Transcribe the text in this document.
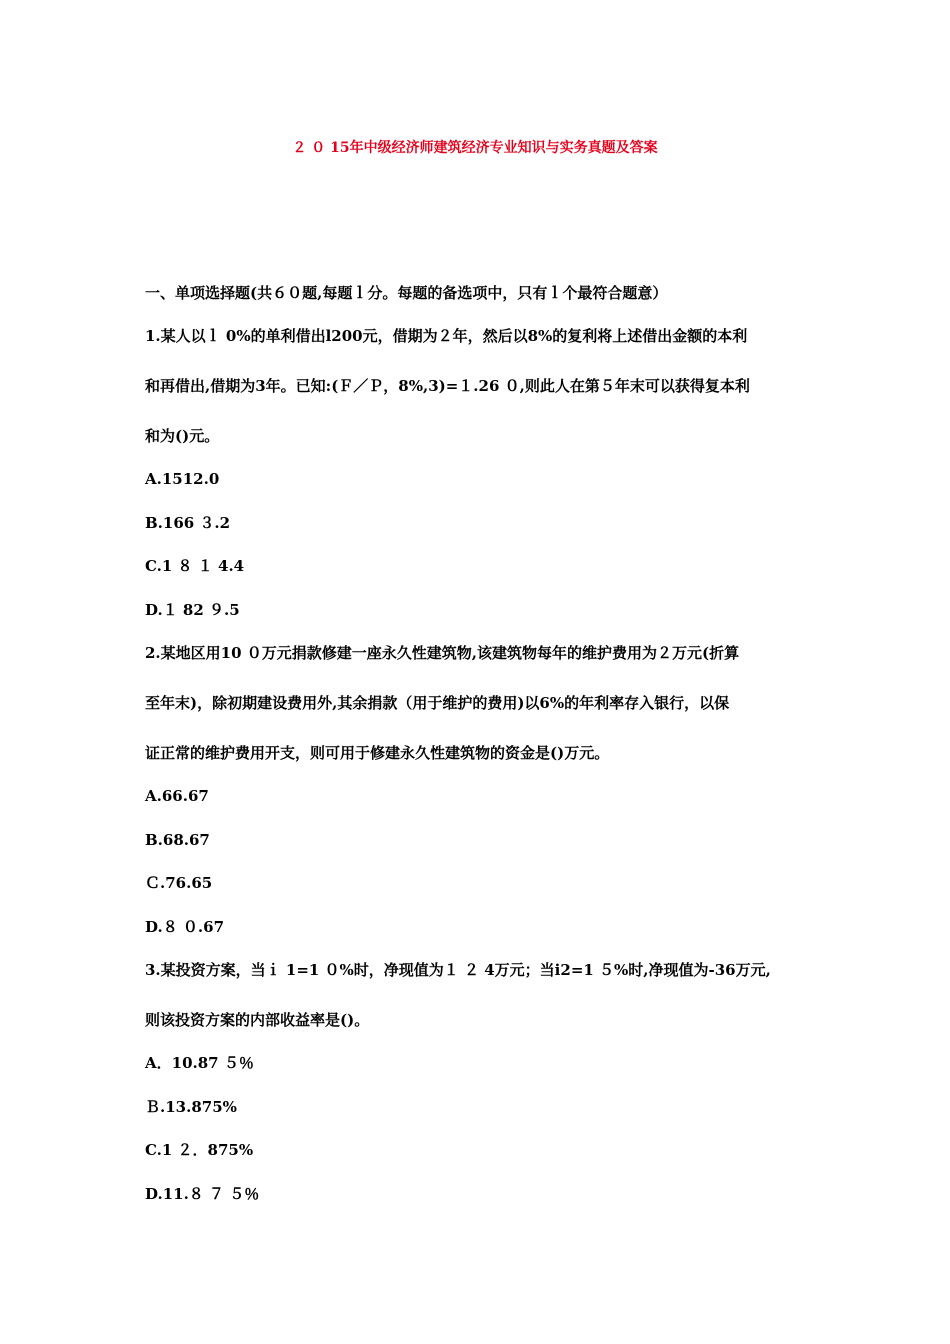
２ ０ 15年中级经济师建筑经济专业知识与实务真题及答案
一、单项选择题(共６０题,每题ｌ分。每题的备选项中，只有ｌ个最符合题意）
1.某人以ｌ 0%的单利借出l200元，借期为２年，然后以8%的复利将上述借出金额的本利
和再借出,借期为3年。已知:(Ｆ／Ｐ，8%,3)=１.26 ０,则此人在第５年末可以获得复本利
和为()元。
A.1512.0
B.166 ３.2
C.1 ８ １ 4.4
D.１ 82 ９.5
2.某地区用10 ０万元捐款修建一座永久性建筑物,该建筑物每年的维护费用为２万元(折算
至年末)，除初期建设费用外,其余捐款（用于维护的费用)以6%的年利率存入银行，以保
证正常的维护费用开支，则可用于修建永久性建筑物的资金是()万元。
A.66.67
B.68.67
Ｃ.76.65
D.８ ０.67
3.某投资方案，当ｉ 1=1 ０%时，净现值为１ ２ 4万元；当i2=1 ５%时,净现值为-36万元,
则该投资方案的内部收益率是()。
A．10.87 ５％
Ｂ.13.875%
C.1 ２．875%
D.11.８ ７ ５％
